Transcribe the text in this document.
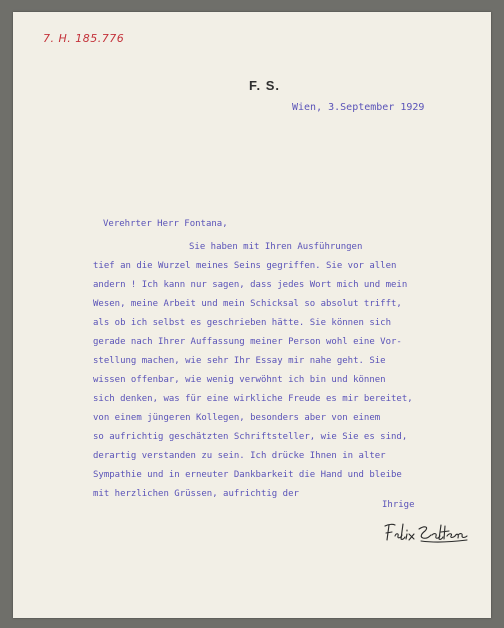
7. H. 185.776
F. S.
Wien, 3.September 1929
Verehrter Herr Fontana,
Sie haben mit Ihren Ausführungen
tief an die Wurzel meines Seins gegriffen. Sie vor allen
andern ! Ich kann nur sagen, dass jedes Wort mich und mein
Wesen, meine Arbeit und mein Schicksal so absolut trifft,
als ob ich selbst es geschrieben hätte. Sie können sich
gerade nach Ihrer Auffassung meiner Person wohl eine Vor-
stellung machen, wie sehr Ihr Essay mir nahe geht. Sie
wissen offenbar, wie wenig verwöhnt ich bin und können
sich denken, was für eine wirkliche Freude es mir bereitet,
von einem jüngeren Kollegen, besonders aber von einem
so aufrichtig geschätzten Schriftsteller, wie Sie es sind,
derartig verstanden zu sein. Ich drücke Ihnen in alter
Sympathie und in erneuter Dankbarkeit die Hand und bleibe
mit herzlichen Grüssen, aufrichtig der
Ihrige
